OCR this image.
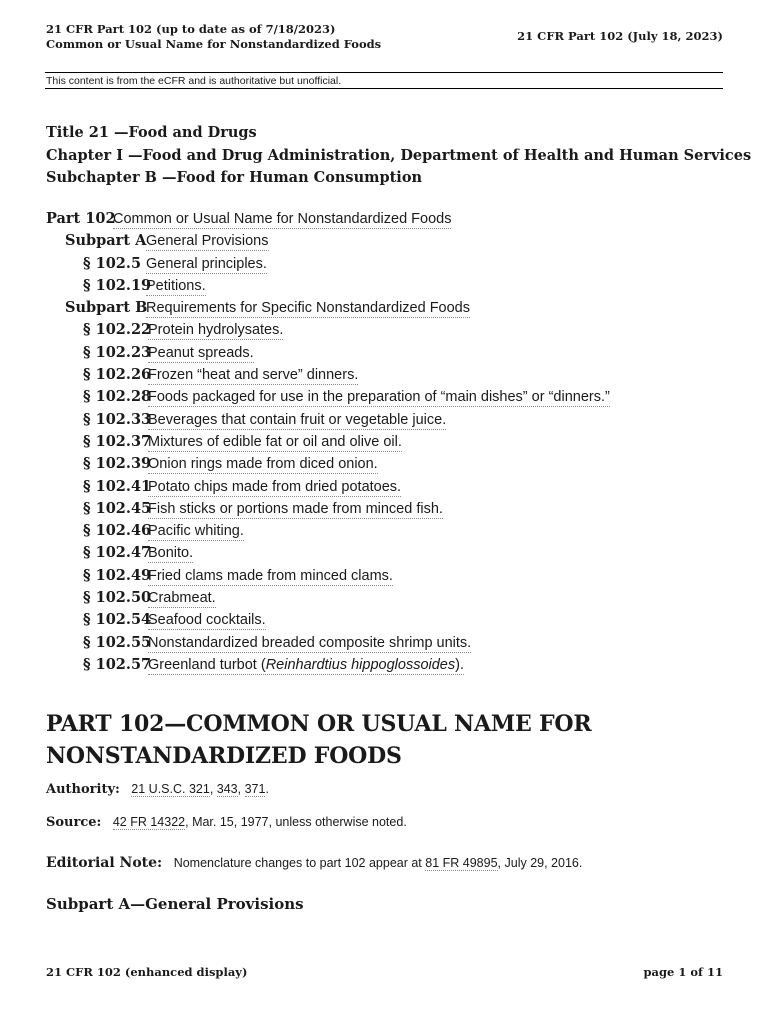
21 CFR Part 102 (up to date as of 7/18/2023)
Common or Usual Name for Nonstandardized Foods
21 CFR Part 102 (July 18, 2023)
This content is from the eCFR and is authoritative but unofficial.
Title 21 —Food and Drugs
Chapter I —Food and Drug Administration, Department of Health and Human Services
Subchapter B —Food for Human Consumption
Part 102
Common or Usual Name for Nonstandardized Foods
Subpart A General Provisions
§ 102.5 General principles.
§ 102.19
Petitions.
Subpart B
Requirements for Specific Nonstandardized Foods
§ 102.22
Protein hydrolysates.
§ 102.23
Peanut spreads.
§ 102.26
Frozen “heat and serve” dinners.
§ 102.28
Foods packaged for use in the preparation of “main dishes” or “dinners.”
§ 102.33
Beverages that contain fruit or vegetable juice.
§ 102.37
Mixtures of edible fat or oil and olive oil.
§ 102.39
Onion rings made from diced onion.
§ 102.41
Potato chips made from dried potatoes.
§ 102.45
Fish sticks or portions made from minced fish.
§ 102.46
Pacific whiting.
§ 102.47
Bonito.
§ 102.49
Fried clams made from minced clams.
§ 102.50
Crabmeat.
§ 102.54
Seafood cocktails.
§ 102.55
Nonstandardized breaded composite shrimp units.
§ 102.57
Greenland turbot (Reinhardtius hippoglossoides).
PART 102—COMMON OR USUAL NAME FOR NONSTANDARDIZED FOODS
Authority: 21 U.S.C. 321, 343, 371.
Source: 42 FR 14322, Mar. 15, 1977, unless otherwise noted.
Editorial Note: Nomenclature changes to part 102 appear at 81 FR 49895, July 29, 2016.
Subpart A—General Provisions
21 CFR 102 (enhanced display)	page 1 of 11
